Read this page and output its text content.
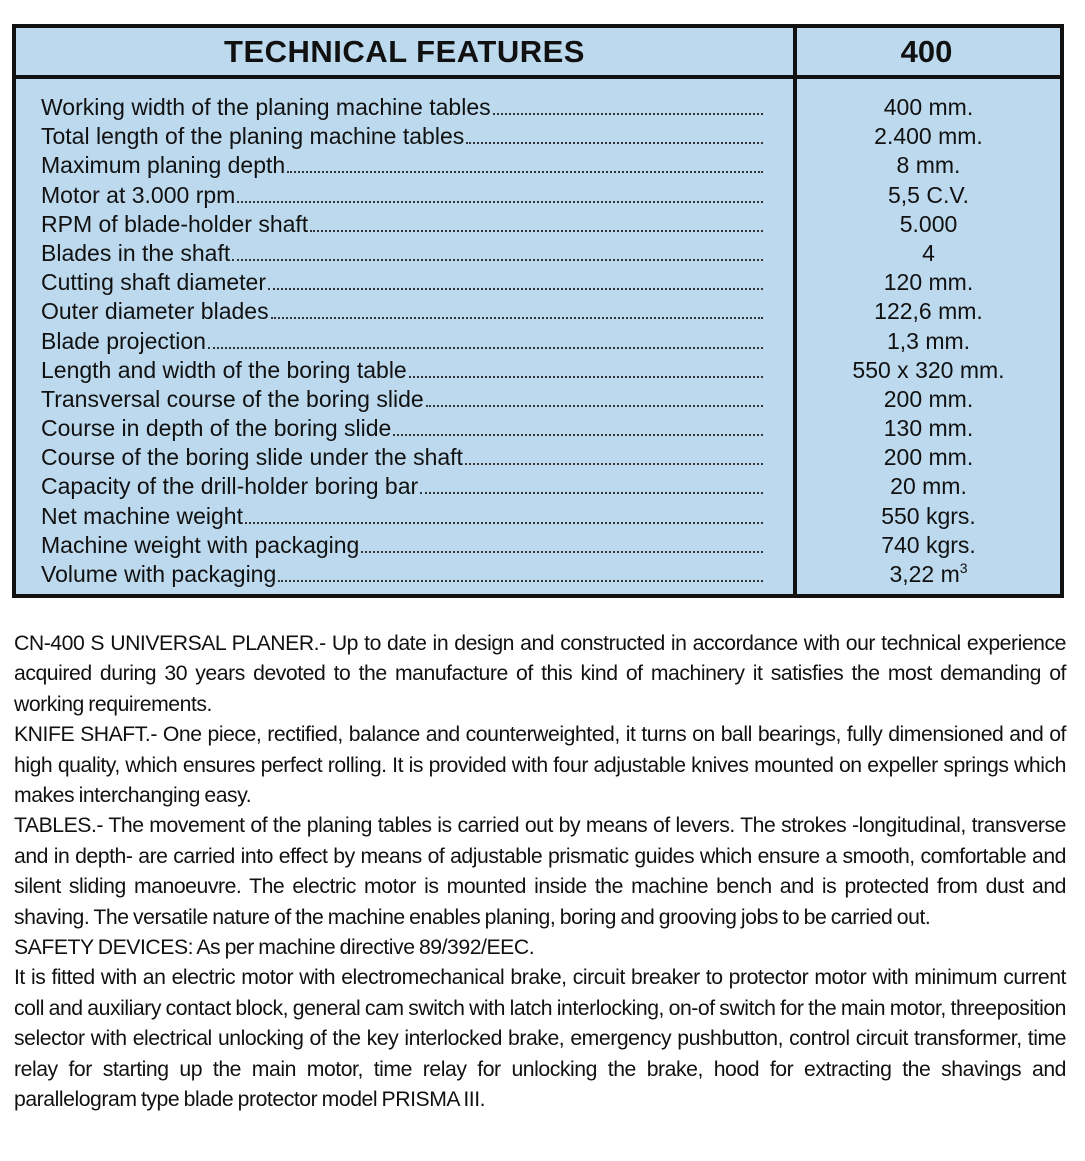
TECHNICAL FEATURES	400
Working width of the planing machine tables	400 mm.
Total length of the planing machine tables	2.400 mm.
Maximum planing depth	8 mm.
Motor at 3.000 rpm	5,5 C.V.
RPM of blade-holder shaft	5.000
Blades in the shaft	4
Cutting shaft diameter	120 mm.
Outer diameter blades	122,6 mm.
Blade projection	1,3 mm.
Length and width of the boring table	550 x 320 mm.
Transversal course of the boring slide	200 mm.
Course in depth of the boring slide	130 mm.
Course of the boring slide under the shaft	200 mm.
Capacity of the drill-holder boring bar	20 mm.
Net machine weight	550 kgrs.
Machine weight with packaging	740 kgrs.
Volume with packaging	3,22 $m^3$

CN-400 S UNIVERSAL PLANER.- Up to date in design and constructed in accordance with our technical experience acquired during 30 years devoted to the manufacture of this kind of machinery it satisfies the most demanding of working requirements.

KNIFE SHAFT.- One piece, rectified, balance and counterweighted, it turns on ball bearings, fully dimensioned and of high quality, which ensures perfect rolling. It is provided with four adjustable knives mounted on expeller springs which makes interchanging easy.

TABLES.- The movement of the planing tables is carried out by means of levers. The strokes -longitudinal, transverse and in depth- are carried into effect by means of adjustable prismatic guides which ensure a smooth, comfortable and silent sliding manoeuvre. The electric motor is mounted inside the machine bench and is protected from dust and shaving. The versatile nature of the machine enables planing, boring and grooving jobs to be carried out.

SAFETY DEVICES: As per machine directive 89/392/EEC.

It is fitted with an electric motor with electromechanical brake, circuit breaker to protector motor with minimum current coll and auxiliary contact block, general cam switch with latch interlocking, on-of switch for the main motor, threeposition selector with electrical unlocking of the key interlocked brake, emergency pushbutton, control circuit transformer, time relay for starting up the main motor, time relay for unlocking the brake, hood for extracting the shavings and parallelogram type blade protector model PRISMA III.
